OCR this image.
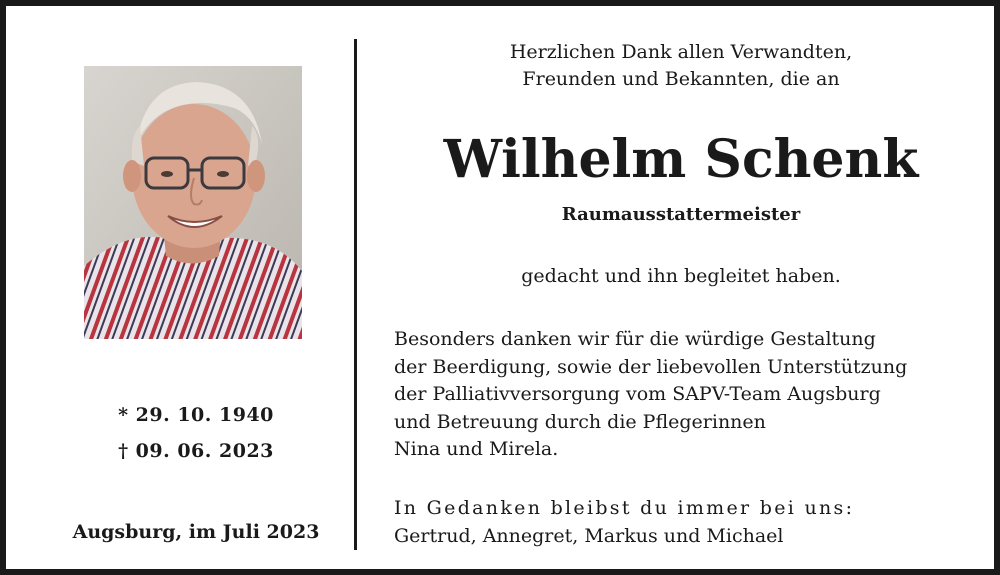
* 29. 10. 1940
† 09. 06. 2023
Augsburg, im Juli 2023
Herzlichen Dank allen Verwandten,
Freunden und Bekannten, die an
Wilhelm Schenk
Raumausstattermeister
gedacht und ihn begleitet haben.
Besonders danken wir für die würdige Gestaltung
der Beerdigung, sowie der liebevollen Unterstützung
der Palliativversorgung vom SAPV-Team Augsburg
und Betreuung durch die Pflegerinnen
Nina und Mirela.
In Gedanken bleibst du immer bei uns:
Gertrud, Annegret, Markus und Michael
